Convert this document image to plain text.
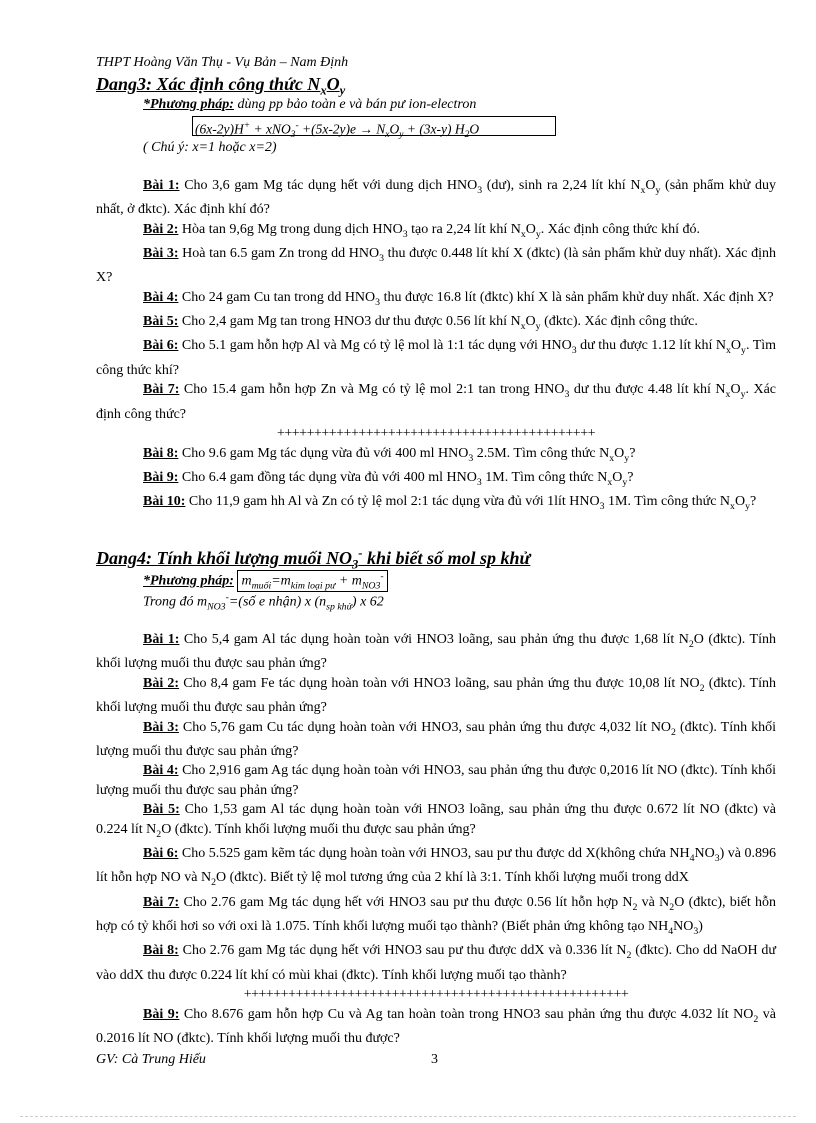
THPT Hoàng Văn Thụ - Vụ Bản – Nam Định
Dang3: Xác định công thức $N_xO_y$
*Phương pháp: dùng pp bảo toàn e và bán pư ion-electron
$(6x-2y)H^+ + xNO_3^- +(5x-2y)e \to N_xO_y + (3x-y)$ $H_2O$
( Chú ý: x=1 hoặc x=2)

Bài 1: Cho 3,6 gam Mg tác dụng hết với dung dịch $HNO_3$ (dư), sinh ra 2,24 lít khí $N_xO_y$ (sản phẩm khử duy nhất, ở đktc). Xác định khí đó?

Bài 2: Hòa tan 9,6g Mg trong dung dịch $HNO_3$ tạo ra 2,24 lít khí $N_xO_y$. Xác định công thức khí đó.

Bài 3: Hoà tan 6.5 gam Zn trong dd $HNO_3$ thu được 0.448 lít khí X (đktc) (là sản phẩm khử duy nhất). Xác định X?

Bài 4: Cho 24 gam Cu tan trong dd $HNO_3$ thu được 16.8 lít (đktc) khí X là sản phẩm khử duy nhất. Xác định X?

Bài 5: Cho 2,4 gam Mg tan trong HNO3 dư thu được 0.56 lít khí $N_xO_y$ (đktc). Xác định công thức.

Bài 6: Cho 5.1 gam hỗn hợp Al và Mg có tỷ lệ mol là 1:1 tác dụng với $HNO_3$ dư thu được 1.12 lít khí $N_xO_y$. Tìm công thức khí?

Bài 7: Cho 15.4 gam hỗn hợp Zn và Mg có tỷ lệ mol 2:1 tan trong $HNO_3$ dư thu được 4.48 lít khí $N_xO_y$. Xác định công thức?

+++++++++++++++++++++++++++++++++++++++++++

Bài 8: Cho 9.6 gam Mg tác dụng vừa đủ với 400 ml $HNO_3$ 2.5M. Tìm công thức $N_xO_y$?

Bài 9: Cho 6.4 gam đồng tác dụng vừa đủ với 400 ml $HNO_3$ 1M. Tìm công thức $N_xO_y$?

Bài 10: Cho 11,9 gam hh Al và Zn có tỷ lệ mol 2:1 tác dụng vừa đủ với 1lít $HNO_3$ 1M. Tìm công thức $N_xO_y$?

Dang4: Tính khối lượng muối $NO_3^-$ khi biết số mol sp khử
*Phương pháp: $m_{muối}=m_{kim loại pư} + m_{NO3}^-$
Trong đó $m_{NO3}^-=(số$ e nhận) x $(n_{sp khử})$ x 62

Bài 1: Cho 5,4 gam Al tác dụng hoàn toàn với HNO3 loãng, sau phản ứng thu được 1,68 lít $N_2O$ (đktc). Tính khối lượng muối thu được sau phản ứng?

Bài 2: Cho 8,4 gam Fe tác dụng hoàn toàn với HNO3 loãng, sau phản ứng thu được 10,08 lít $NO_2$ (đktc). Tính khối lượng muối thu được sau phản ứng?

Bài 3: Cho 5,76 gam Cu tác dụng hoàn toàn với HNO3, sau phản ứng thu được 4,032 lít $NO_2$ (đktc). Tính khối lượng muối thu được sau phản ứng?

Bài 4: Cho 2,916 gam Ag tác dụng hoàn toàn với HNO3, sau phản ứng thu được 0,2016 lít NO (đktc). Tính khối lượng muối thu được sau phản ứng?

Bài 5: Cho 1,53 gam Al tác dụng hoàn toàn với HNO3 loãng, sau phản ứng thu được 0.672 lít NO (đktc) và 0.224 lít $N_2O$ (đktc). Tính khối lượng muối thu được sau phản ứng?

Bài 6: Cho 5.525 gam kẽm tác dụng hoàn toàn với HNO3, sau pư thu được dd X(không chứa $NH_4NO_3$) và 0.896 lít hỗn hợp NO và $N_2O$ (đktc). Biết tỷ lệ mol tương ứng của 2 khí là 3:1. Tính khối lượng muối trong ddX

Bài 7: Cho 2.76 gam Mg tác dụng hết với HNO3 sau pư thu được 0.56 lít hỗn hợp $N_2$ và $N_2O$ (đktc), biết hỗn hợp có tỷ khối hơi so với oxi là 1.075. Tính khối lượng muối tạo thành? (Biết phản ứng không tạo $NH_4NO_3$)

Bài 8: Cho 2.76 gam Mg tác dụng hết với HNO3 sau pư thu được ddX và 0.336 lít $N_2$ (đktc). Cho dd NaOH dư vào ddX thu được 0.224 lít khí có mùi khai (đktc). Tính khối lượng muối tạo thành?

++++++++++++++++++++++++++++++++++++++++++++++++++++

Bài 9: Cho 8.676 gam hỗn hợp Cu và Ag tan hoàn toàn trong HNO3 sau phản ứng thu được 4.032 lít $NO_2$ và 0.2016 lít NO (đktc). Tính khối lượng muối thu được?

GV: Cà Trung Hiếu	3
